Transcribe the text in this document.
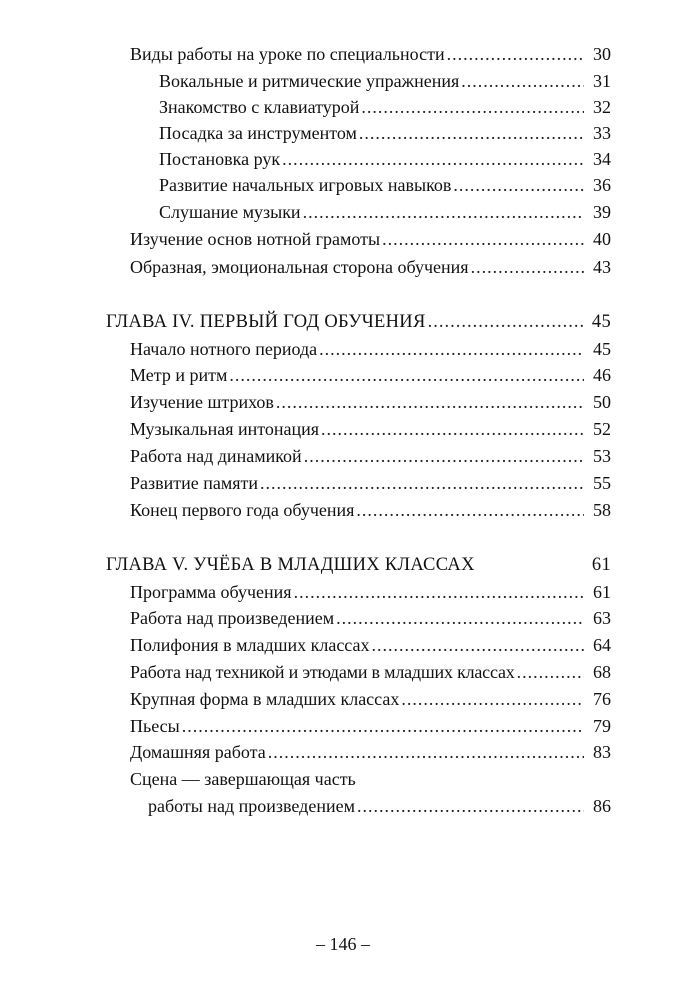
Виды работы на уроке по специальности .....	30
Вокальные и ритмические упражнения .....	31
Знакомство с клавиатурой .....	32
Посадка за инструментом .....	33
Постановка рук .....	34
Развитие начальных игровых навыков .....	36
Слушание музыки .....	39
Изучение основ нотной грамоты .....	40
Образная, эмоциональная сторона обучения .....	43
ГЛАВА IV. ПЕРВЫЙ ГОД ОБУЧЕНИЯ .....	45
Начало нотного периода .....	45
Метр и ритм .....	46
Изучение штрихов .....	50
Музыкальная интонация .....	52
Работа над динамикой .....	53
Развитие памяти .....	55
Конец первого года обучения .....	58
ГЛАВА V. УЧЁБА В МЛАДШИХ КЛАССАХ	61
Программа обучения .....	61
Работа над произведением .....	63
Полифония в младших классах .....	64
Работа над техникой и этюдами в младших классах .....	68
Крупная форма в младших классах .....	76
Пьесы .....	79
Домашняя работа .....	83
Сцена — завершающая часть
работы над произведением .....	86
– 146 –
